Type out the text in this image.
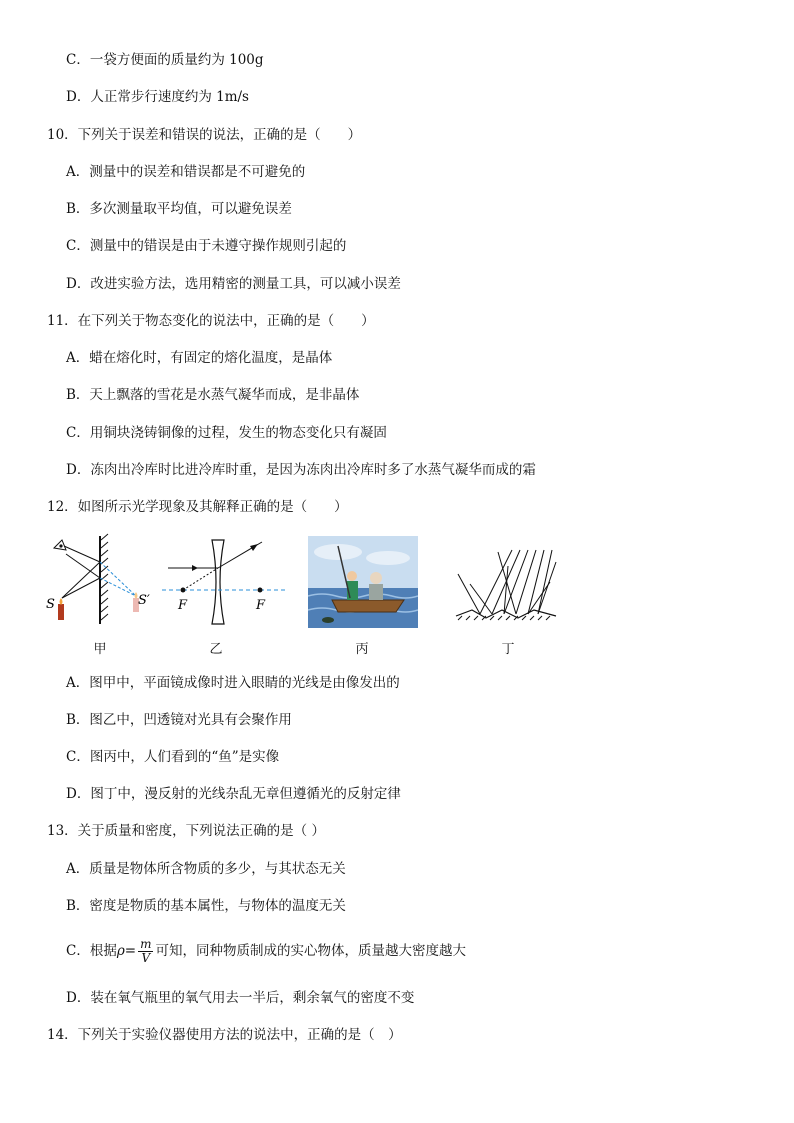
C．一袋方便面的质量约为 100g
D．人正常步行速度约为 1m/s
10．下列关于误差和错误的说法，正确的是（　　）
A．测量中的误差和错误都是不可避免的
B．多次测量取平均值，可以避免误差
C．测量中的错误是由于未遵守操作规则引起的
D．改进实验方法，选用精密的测量工具，可以减小误差
11．在下列关于物态变化的说法中，正确的是（　　）
A．蜡在熔化时，有固定的熔化温度，是晶体
B．天上飘落的雪花是水蒸气凝华而成，是非晶体
C．用铜块浇铸铜像的过程，发生的物态变化只有凝固
D．冻肉出冷库时比进冷库时重，是因为冻肉出冷库时多了水蒸气凝华而成的霜
12．如图所示光学现象及其解释正确的是（　　）
S	S′ F	F
甲	乙	丙	丁
A．图甲中，平面镜成像时进入眼睛的光线是由像发出的
B．图乙中，凹透镜对光具有会聚作用
C．图丙中，人们看到的“鱼”是实像
D．图丁中，漫反射的光线杂乱无章但遵循光的反射定律
13．关于质量和密度，下列说法正确的是（ ）
A．质量是物体所含物质的多少，与其状态无关
B．密度是物质的基本属性，与物体的温度无关
C．根据$\rho= \frac{m}{V}$ 可知，同种物质制成的实心物体，质量越大密度越大
D．装在氧气瓶里的氧气用去一半后，剩余氧气的密度不变
14．下列关于实验仪器使用方法的说法中，正确的是（　）
